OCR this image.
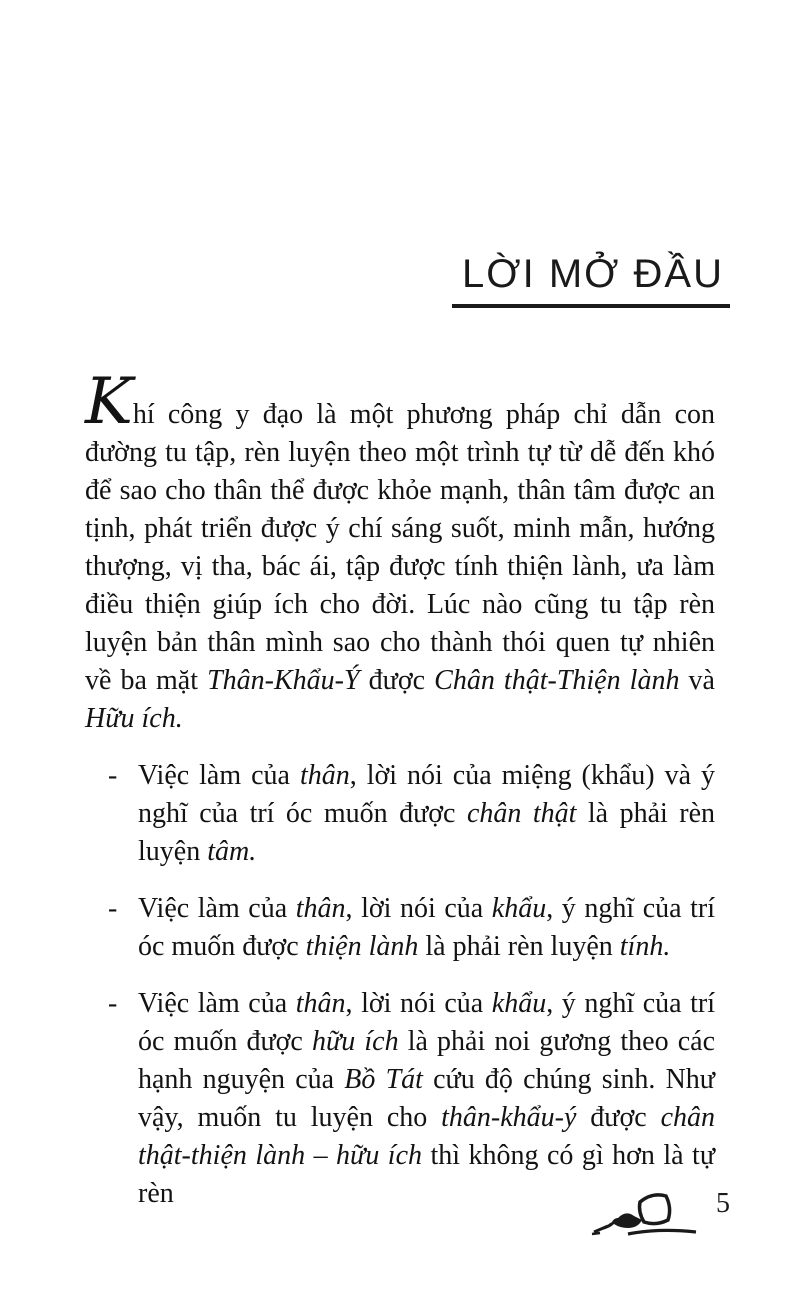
LỜI MỞ ĐẦU

Khí công y đạo là một phương pháp chỉ dẫn con đường tu tập, rèn luyện theo một trình tự từ dễ đến khó để sao cho thân thể được khỏe mạnh, thân tâm được an tịnh, phát triển được ý chí sáng suốt, minh mẫn, hướng thượng, vị tha, bác ái, tập được tính thiện lành, ưa làm điều thiện giúp ích cho đời. Lúc nào cũng tu tập rèn luyện bản thân mình sao cho thành thói quen tự nhiên về ba mặt Thân-Khẩu-Ý được Chân thật-Thiện lành và Hữu ích.

- Việc làm của thân, lời nói của miệng (khẩu) và ý nghĩ của trí óc muốn được chân thật là phải rèn luyện tâm.
- Việc làm của thân, lời nói của khẩu, ý nghĩ của trí óc muốn được thiện lành là phải rèn luyện tính.
- Việc làm của thân, lời nói của khẩu, ý nghĩ của trí óc muốn được hữu ích là phải noi gương theo các hạnh nguyện của Bồ Tát cứu độ chúng sinh. Như vậy, muốn tu luyện cho thân-khẩu-ý được chân thật-thiện lành – hữu ích thì không có gì hơn là tự rèn	5
